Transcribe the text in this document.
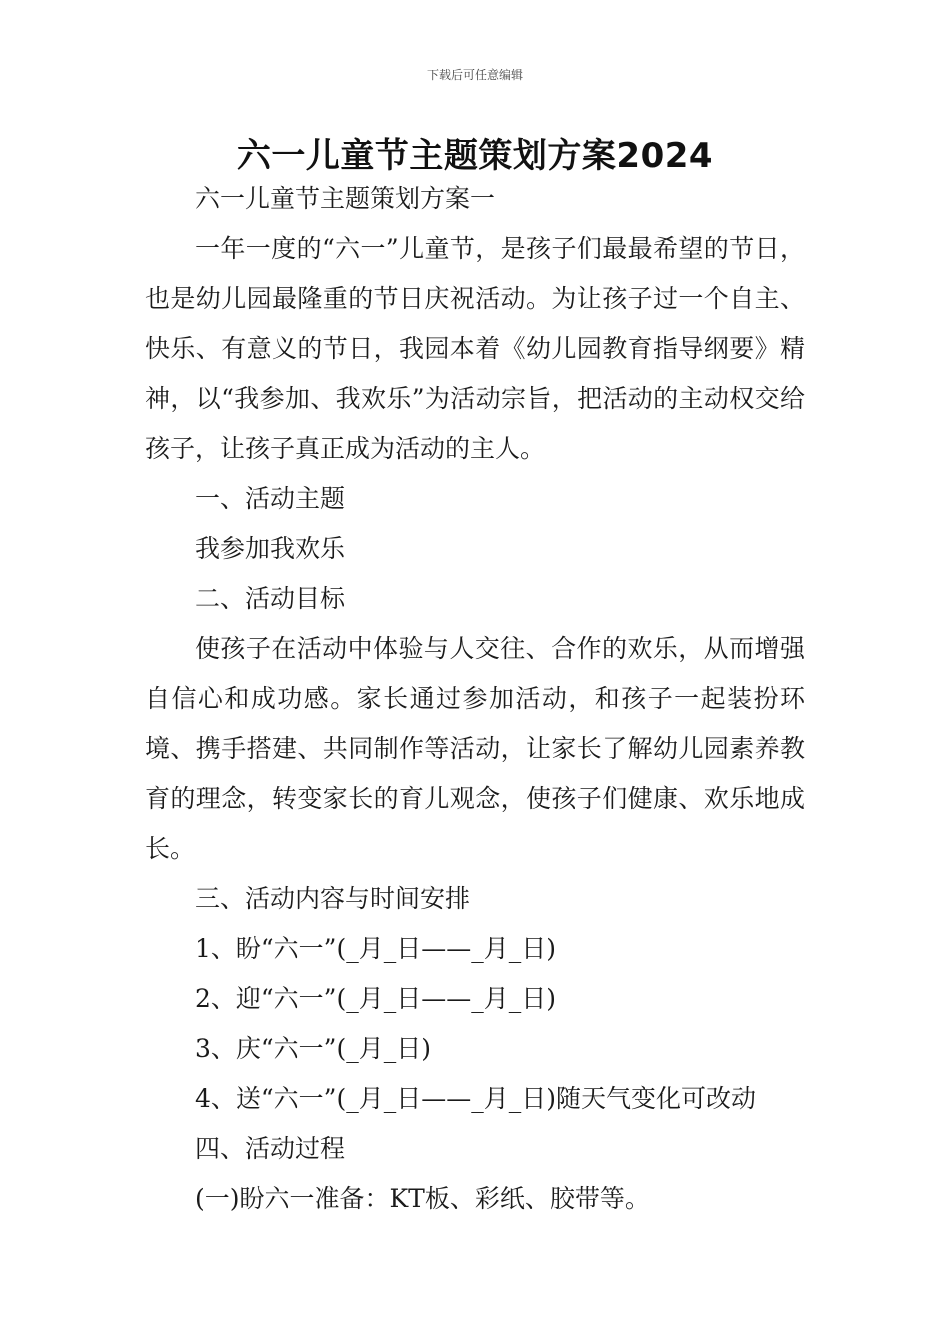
下载后可任意编辑
六一儿童节主题策划方案2024

六一儿童节主题策划方案一

一年一度的“六一”儿童节，是孩子们最最希望的节日，也是幼儿园最隆重的节日庆祝活动。为让孩子过一个自主、快乐、有意义的节日，我园本着《幼儿园教育指导纲要》精神，以“我参加、我欢乐”为活动宗旨，把活动的主动权交给孩子，让孩子真正成为活动的主人。

一、活动主题

我参加我欢乐

二、活动目标

使孩子在活动中体验与人交往、合作的欢乐，从而增强自信心和成功感。家长通过参加活动，和孩子一起装扮环境、携手搭建、共同制作等活动，让家长了解幼儿园素养教育的理念，转变家长的育儿观念，使孩子们健康、欢乐地成长。

三、活动内容与时间安排

1、盼“六一”(_月_日——_月_日)

2、迎“六一”(_月_日——_月_日)

3、庆“六一”(_月_日)

4、送“六一”(_月_日——_月_日)随天气变化可改动

四、活动过程

(一)盼六一准备：KT板、彩纸、胶带等。
